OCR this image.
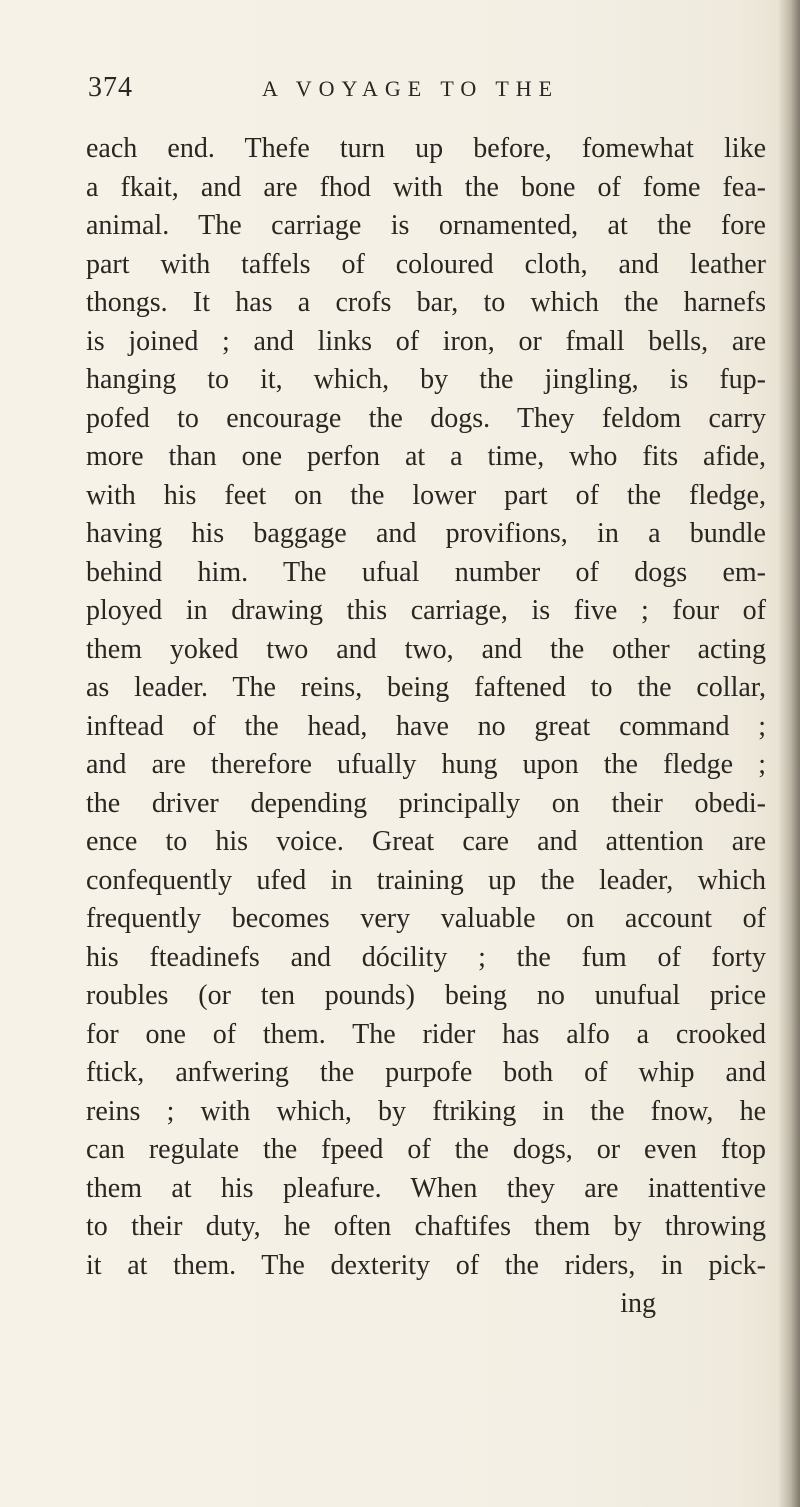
374	A VOYAGE TO THE
each end. Thefe turn up before, fomewhat like
a fkait, and are fhod with the bone of fome fea-
animal. The carriage is ornamented, at the fore
part with taffels of coloured cloth, and leather
thongs. It has a crofs bar, to which the harnefs
is joined ; and links of iron, or fmall bells, are
hanging to it, which, by the jingling, is fup-
pofed to encourage the dogs. They feldom carry
more than one perfon at a time, who fits afide,
with his feet on the lower part of the fledge,
having his baggage and provifions, in a bundle
behind him. The ufual number of dogs em-
ployed in drawing this carriage, is five ; four of
them yoked two and two, and the other acting
as leader. The reins, being faftened to the collar,
inftead of the head, have no great command ;
and are therefore ufually hung upon the fledge ;
the driver depending principally on their obedi-
ence to his voice. Great care and attention are
confequently ufed in training up the leader, which
frequently becomes very valuable on account of
his fteadinefs and dócility ; the fum of forty
roubles (or ten pounds) being no unufual price
for one of them. The rider has alfo a crooked
ftick, anfwering the purpofe both of whip and
reins ; with which, by ftriking in the fnow, he
can regulate the fpeed of the dogs, or even ftop
them at his pleafure. When they are inattentive
to their duty, he often chaftifes them by throwing
it at them. The dexterity of the riders, in pick-
ing
